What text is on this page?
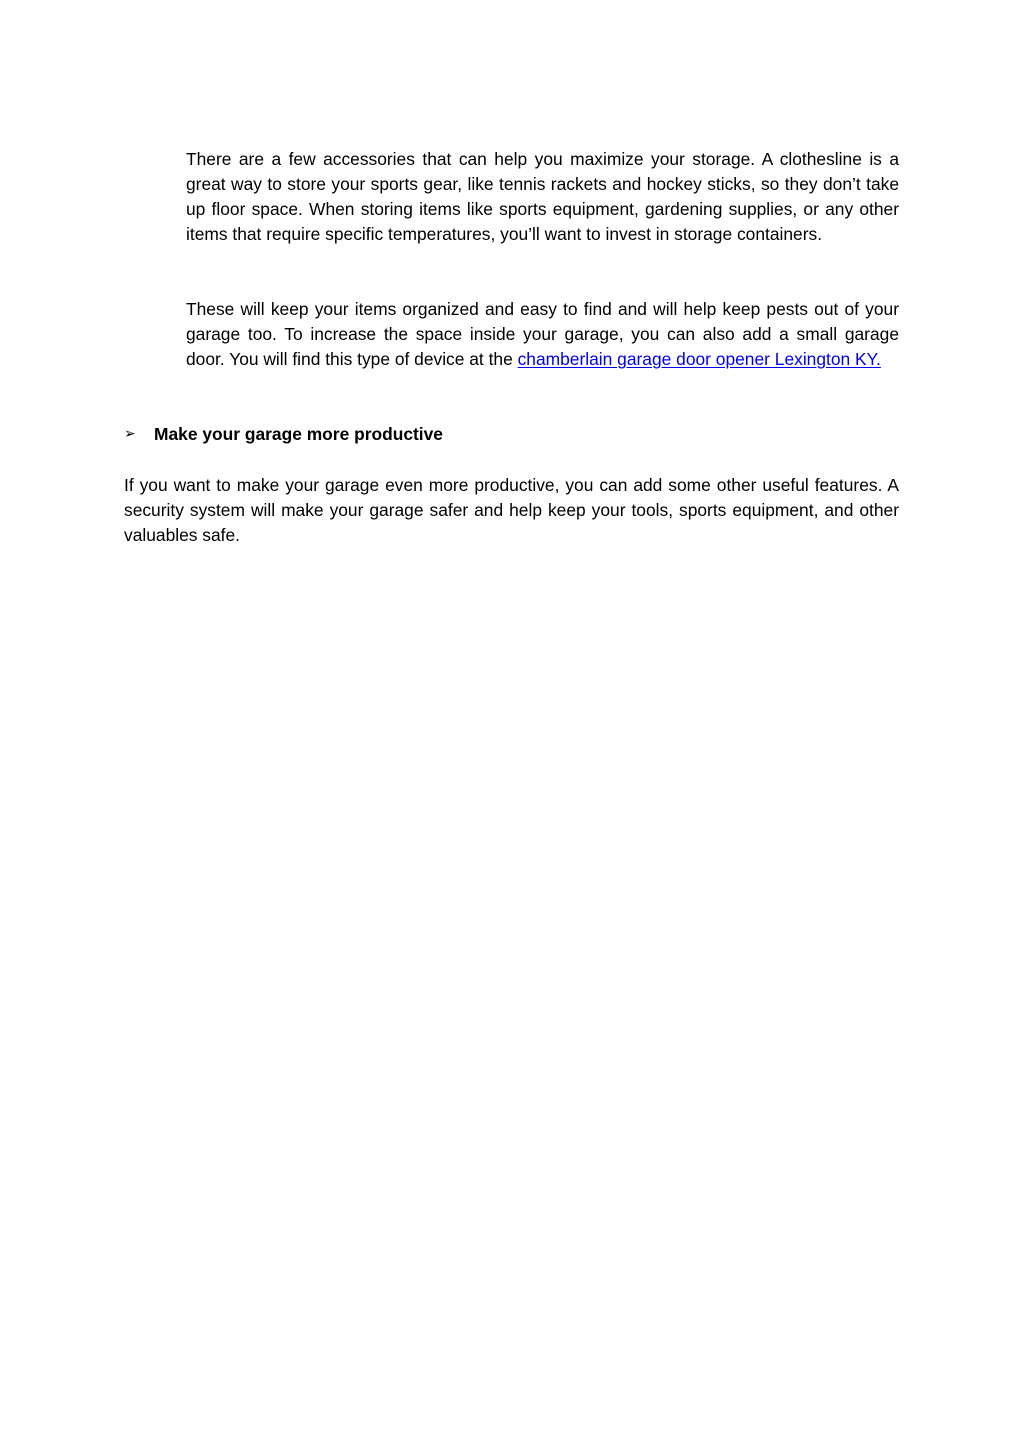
There are a few accessories that can help you maximize your storage. A clothesline is a great way to store your sports gear, like tennis rackets and hockey sticks, so they don’t take up floor space. When storing items like sports equipment, gardening supplies, or any other items that require specific temperatures, you’ll want to invest in storage containers.

These will keep your items organized and easy to find and will help keep pests out of your garage too. To increase the space inside your garage, you can also add a small garage door. You will find this type of device at the chamberlain garage door opener Lexington KY.

➢	Make your garage more productive

If you want to make your garage even more productive, you can add some other useful features. A security system will make your garage safer and help keep your tools, sports equipment, and other valuables safe.
